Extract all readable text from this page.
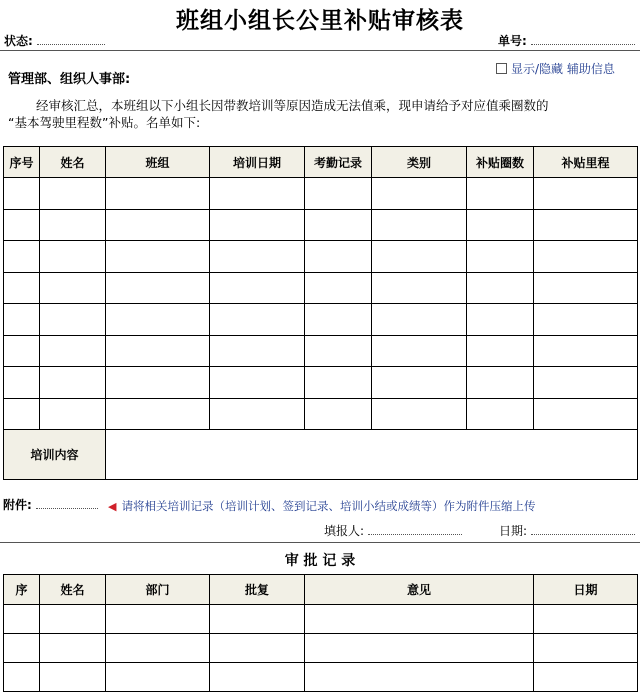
班组小组长公里补贴审核表
状态:	单号:
显示/隐藏 辅助信息
管理部、组织人事部:
经审核汇总，本班组以下小组长因带教培训等原因造成无法值乘，现申请给予对应值乘圈数的
“基本驾驶里程数”补贴。名单如下:
序号	姓名	班组	培训日期	考勤记录	类别	补贴圈数	补贴里程

培训内容							
附件:	◀ 请将相关培训记录（培训计划、签到记录、培训小结或成绩等）作为附件压缩上传
填报人:	日期:
审 批 记 录
序	姓名	部门	批复	意见	日期
